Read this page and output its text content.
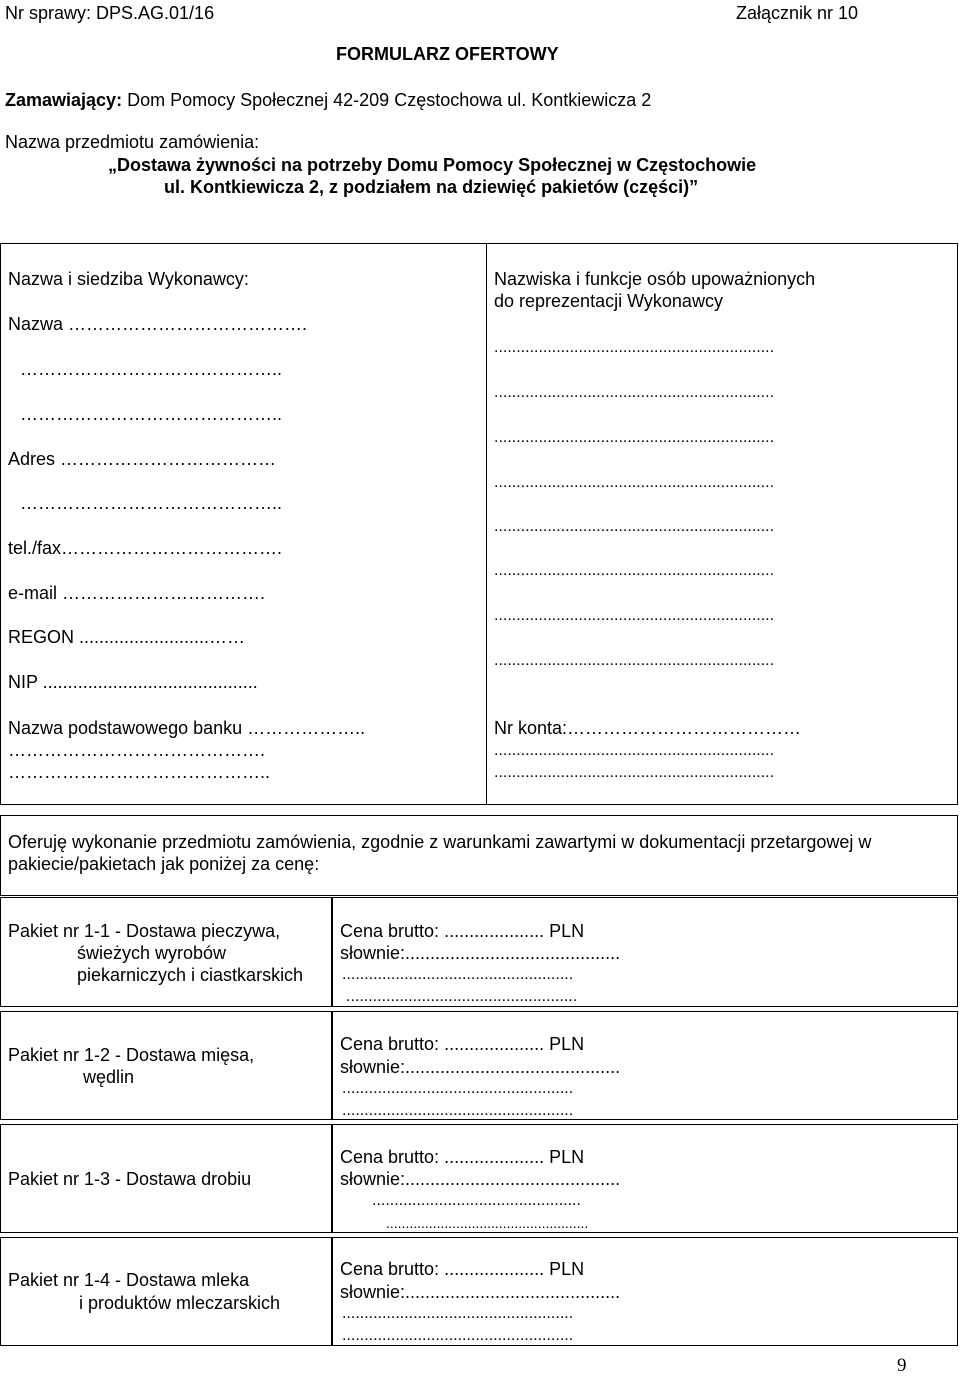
Nr sprawy: DPS.AG.01/16	Załącznik nr 10
FORMULARZ OFERTOWY
Zamawiający: Dom Pomocy Społecznej 42-209 Częstochowa ul. Kontkiewicza 2
Nazwa przedmiotu zamówienia:
„Dostawa żywności na potrzeby Domu Pomocy Społecznej w Częstochowie
ul. Kontkiewicza 2, z podziałem na dziewięć pakietów (części)”
Nazwa i siedziba Wykonawcy:
Nazwa ………………………………….
……………………………………..
……………………………………..
Adres ………………………………
……………………………………..
tel./fax……………………………….
e-mail …………………………….
REGON ..........................……
NIP ...........................................
Nazwa podstawowego banku ………………..
…………………………………….
……………………………………..
Nazwiska i funkcje osób upoważnionych
do reprezentacji Wykonawcy
...............................................................
...............................................................
...............................................................
...............................................................
...............................................................
...............................................................
...............................................................
...............................................................
Nr konta:…………………………………
...............................................................
...............................................................
Oferuję wykonanie przedmiotu zamówienia, zgodnie z warunkami zawartymi w dokumentacji przetargowej w
pakiecie/pakietach jak poniżej za cenę:
Pakiet nr 1-1 - Dostawa pieczywa,
świeżych wyrobów
piekarniczych i ciastkarskich
Cena brutto: .................... PLN
słownie:...........................................
....................................................
....................................................
Pakiet nr 1-2 - Dostawa mięsa,
wędlin
Cena brutto: .................... PLN
słownie:...........................................
....................................................
....................................................
Pakiet nr 1-3 - Dostawa drobiu
Cena brutto: .................... PLN
słownie:...........................................
...............................................
....................................................
Pakiet nr 1-4 - Dostawa mleka
i produktów mleczarskich
Cena brutto: .................... PLN
słownie:...........................................
....................................................
....................................................
9
